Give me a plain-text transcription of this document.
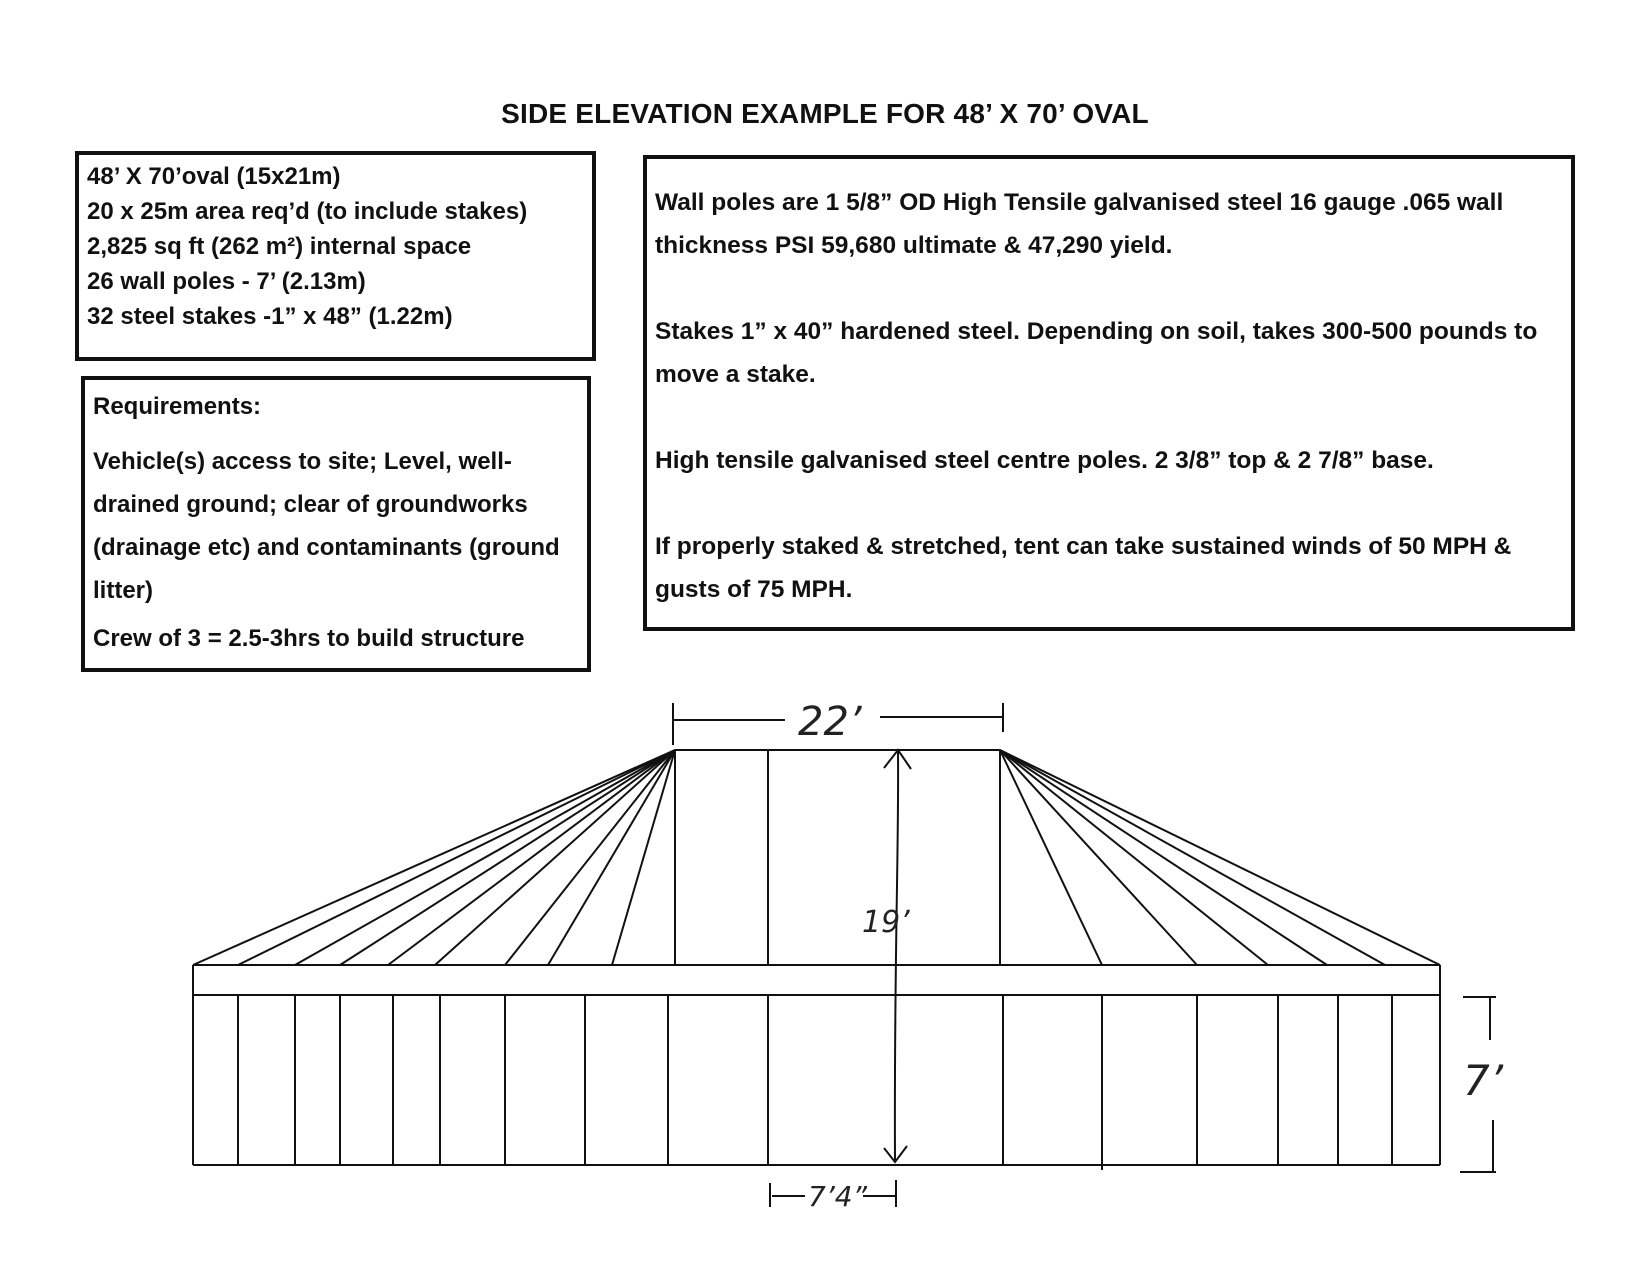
SIDE ELEVATION EXAMPLE FOR 48’ X 70’ OVAL
48’ X 70’oval (15x21m)
20 x 25m area req’d (to include stakes)
2,825 sq ft (262 m²) internal space
26 wall poles - 7’ (2.13m)
32 steel stakes -1” x 48” (1.22m)
Requirements:
Vehicle(s) access to site; Level, well-drained ground; clear of groundworks (drainage etc) and contaminants (ground litter)
Crew of 3 = 2.5-3hrs to build structure

Wall poles are 1 5/8” OD High Tensile galvanised steel 16 gauge .065 wall thickness PSI 59,680 ultimate & 47,290 yield.

Stakes 1” x 40” hardened steel. Depending on soil, takes 300-500 pounds to move a stake.

High tensile galvanised steel centre poles. 2 3/8” top & 2 7/8” base.

If properly staked & stretched, tent can take sustained winds of 50 MPH & gusts of 75 MPH.

22’
19’
7’
7’4”
